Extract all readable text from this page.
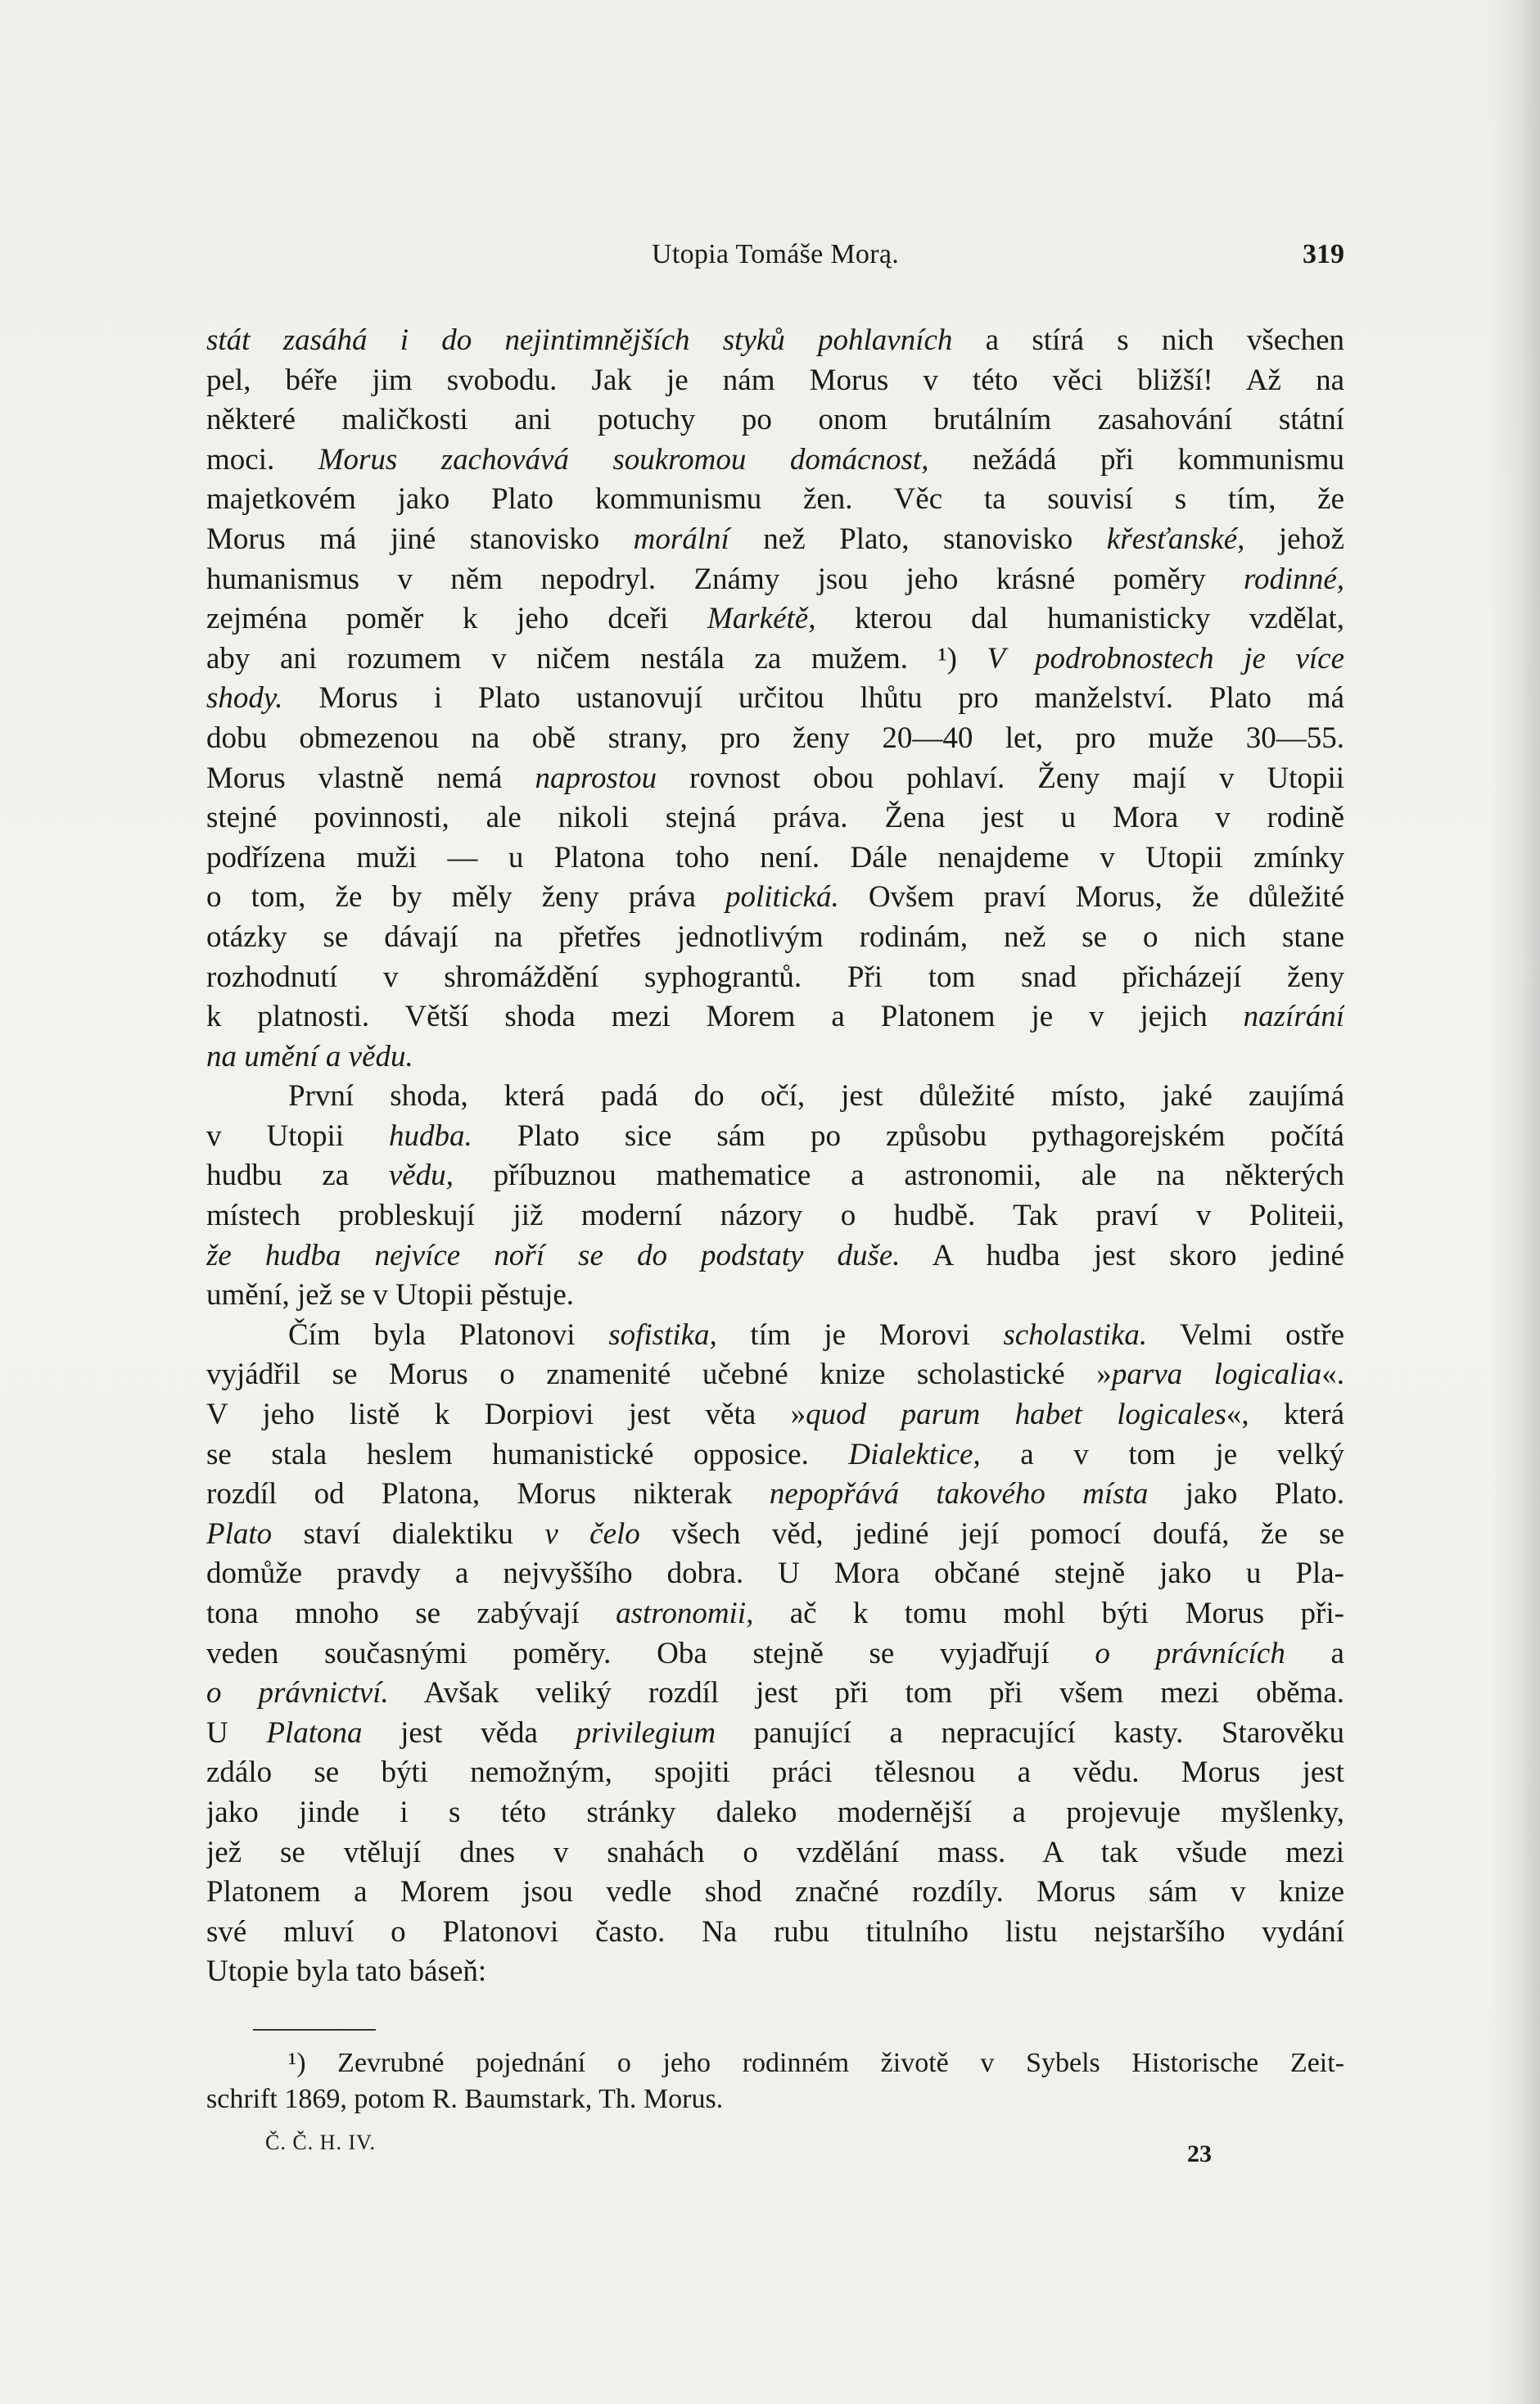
Utopia Tomáše Morą.	319
stát zasáhá i do nejintimnějších styků pohlavních a stírá s nich všechen
pel, béře jim svobodu. Jak je nám Morus v této věci bližší! Až na
některé maličkosti ani potuchy po onom brutálním zasahování státní
moci. Morus zachovává soukromou domácnost, nežádá při kommunismu
majetkovém jako Plato kommunismu žen. Věc ta souvisí s tím, že
Morus má jiné stanovisko morální než Plato, stanovisko křesťanské, jehož
humanismus v něm nepodryl. Známy jsou jeho krásné poměry rodinné,
zejména poměr k jeho dceři Markétě, kterou dal humanisticky vzdělat,
aby ani rozumem v ničem nestála za mužem. ¹) V podrobnostech je více
shody. Morus i Plato ustanovují určitou lhůtu pro manželství. Plato má
dobu obmezenou na obě strany, pro ženy 20—40 let, pro muže 30—55.
Morus vlastně nemá naprostou rovnost obou pohlaví. Ženy mají v Utopii
stejné povinnosti, ale nikoli stejná práva. Žena jest u Mora v rodině
podřízena muži — u Platona toho není. Dále nenajdeme v Utopii zmínky
o tom, že by měly ženy práva politická. Ovšem praví Morus, že důležité
otázky se dávají na přetřes jednotlivým rodinám, než se o nich stane
rozhodnutí v shromáždění syphograntů. Při tom snad přicházejí ženy
k platnosti. Větší shoda mezi Morem a Platonem je v jejich nazírání
na umění a vědu.
První shoda, která padá do očí, jest důležité místo, jaké zaujímá
v Utopii hudba. Plato sice sám po způsobu pythagorejském počítá
hudbu za vědu, příbuznou mathematice a astronomii, ale na některých
místech probleskují již moderní názory o hudbě. Tak praví v Politeii,
že hudba nejvíce noří se do podstaty duše. A hudba jest skoro jediné
umění, jež se v Utopii pěstuje.
Čím byla Platonovi sofistika, tím je Morovi scholastika. Velmi ostře
vyjádřil se Morus o znamenité učebné knize scholastické »parva logicalia«.
V jeho listě k Dorpiovi jest věta »quod parum habet logicales«, která
se stala heslem humanistické opposice. Dialektice, a v tom je velký
rozdíl od Platona, Morus nikterak nepopřává takového místa jako Plato.
Plato staví dialektiku v čelo všech věd, jediné její pomocí doufá, že se
domůže pravdy a nejvyššího dobra. U Mora občané stejně jako u Pla-
tona mnoho se zabývají astronomii, ač k tomu mohl býti Morus při-
veden současnými poměry. Oba stejně se vyjadřují o právnících a
o právnictví. Avšak veliký rozdíl jest při tom při všem mezi oběma.
U Platona jest věda privilegium panující a nepracující kasty. Starověku
zdálo se býti nemožným, spojiti práci tělesnou a vědu. Morus jest
jako jinde i s této stránky daleko modernější a projevuje myšlenky,
jež se vtělují dnes v snahách o vzdělání mass. A tak všude mezi
Platonem a Morem jsou vedle shod značné rozdíly. Morus sám v knize
své mluví o Platonovi často. Na rubu titulního listu nejstaršího vydání
Utopie byla tato báseň:
¹) Zevrubné pojednání o jeho rodinném životě v Sybels Historische Zeit-
schrift 1869, potom R. Baumstark, Th. Morus.
Č. Č. H. IV.	23
